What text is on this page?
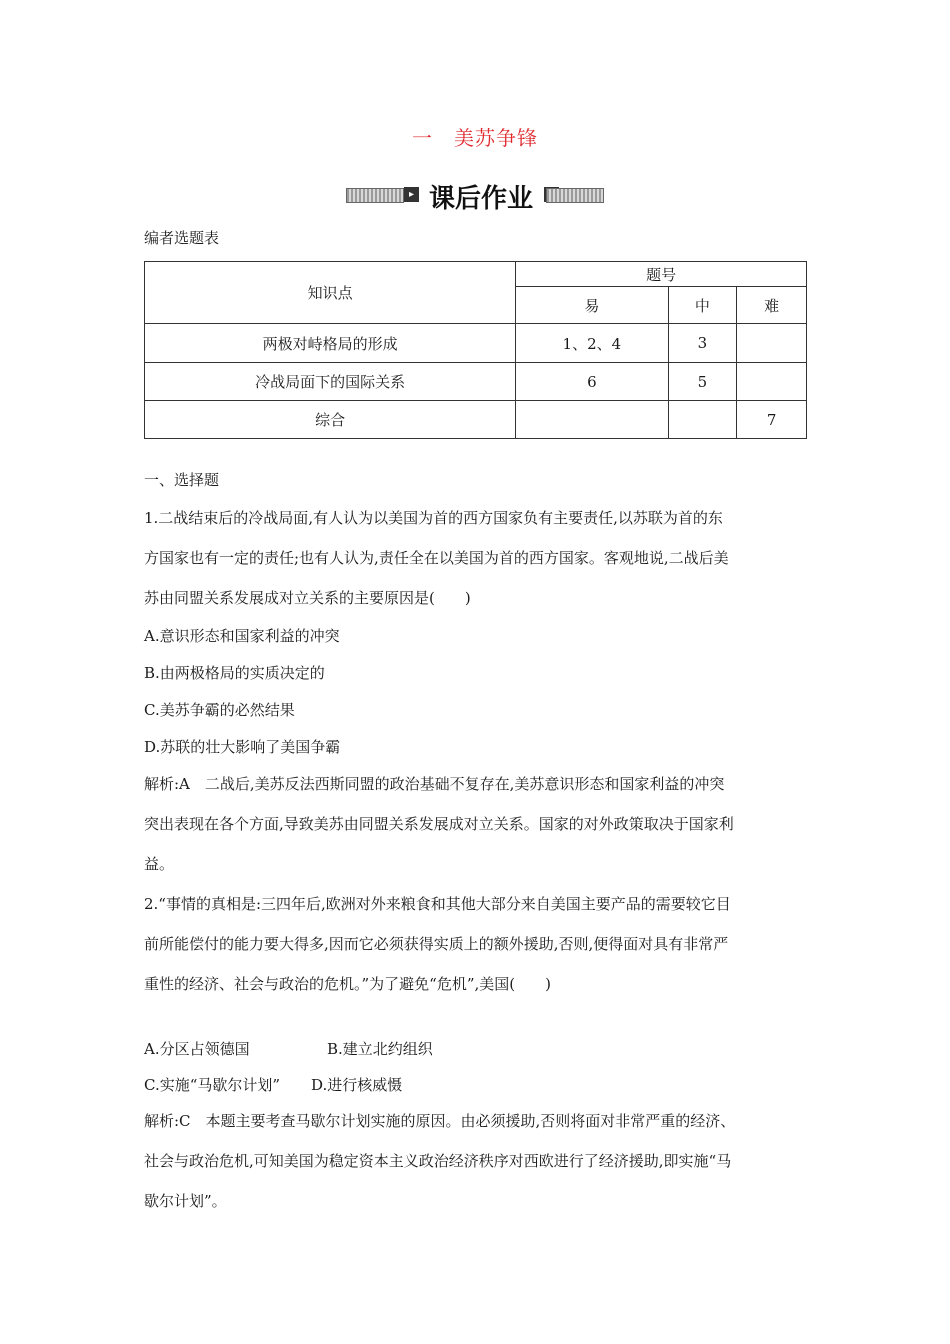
一　美苏争锋
▸ 课后作业
编者选题表
知识点	题号		
	易	中	难
两极对峙格局的形成	1、2、4	3	
冷战局面下的国际关系	6	5	
综合			7
一、选择题
1.二战结束后的冷战局面,有人认为以美国为首的西方国家负有主要责任,以苏联为首的东
方国家也有一定的责任;也有人认为,责任全在以美国为首的西方国家。客观地说,二战后美
苏由同盟关系发展成对立关系的主要原因是(　　)
A.意识形态和国家利益的冲突
B.由两极格局的实质决定的
C.美苏争霸的必然结果
D.苏联的壮大影响了美国争霸
解析:A　二战后,美苏反法西斯同盟的政治基础不复存在,美苏意识形态和国家利益的冲突
突出表现在各个方面,导致美苏由同盟关系发展成对立关系。国家的对外政策取决于国家利
益。
2.“事情的真相是:三四年后,欧洲对外来粮食和其他大部分来自美国主要产品的需要较它目
前所能偿付的能力要大得多,因而它必须获得实质上的额外援助,否则,便得面对具有非常严
重性的经济、社会与政治的危机。”为了避免“危机”,美国(　　)
A.分区占领德国	B.建立北约组织
C.实施“马歇尔计划”	D.进行核威慑
解析:C　本题主要考查马歇尔计划实施的原因。由必须援助,否则将面对非常严重的经济、
社会与政治危机,可知美国为稳定资本主义政治经济秩序对西欧进行了经济援助,即实施“马
歇尔计划”。
